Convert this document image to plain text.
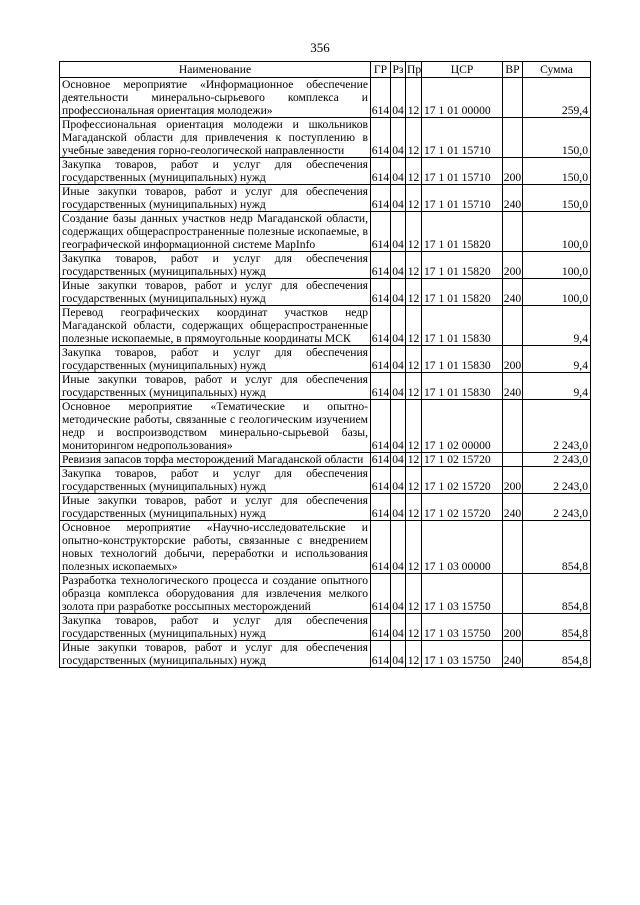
356
Наименование	ГР	Рз	Пр	ЦСР	ВР	Сумма
Основное мероприятие «Информационное обеспечение деятельности минерально-сырьевого комплекса и профессиональная ориентация молодежи»	614	04	12	17 1 01 00000		259,4
Профессиональная ориентация молодежи и школьников Магаданской области для привлечения к поступлению в учебные заведения горно-геологической направленности	614	04	12	17 1 01 15710		150,0
Закупка товаров, работ и услуг для обеспечения государственных (муниципальных) нужд	614	04	12	17 1 01 15710	200	150,0
Иные закупки товаров, работ и услуг для обеспечения государственных (муниципальных) нужд	614	04	12	17 1 01 15710	240	150,0
Создание базы данных участков недр Магаданской области, содержащих общераспространенные полезные ископаемые, в географической информационной системе MapInfo	614	04	12	17 1 01 15820		100,0
Закупка товаров, работ и услуг для обеспечения государственных (муниципальных) нужд	614	04	12	17 1 01 15820	200	100,0
Иные закупки товаров, работ и услуг для обеспечения государственных (муниципальных) нужд	614	04	12	17 1 01 15820	240	100,0
Перевод географических координат участков недр Магаданской области, содержащих общераспространенные полезные ископаемые, в прямоугольные координаты МСК	614	04	12	17 1 01 15830		9,4
Закупка товаров, работ и услуг для обеспечения государственных (муниципальных) нужд	614	04	12	17 1 01 15830	200	9,4
Иные закупки товаров, работ и услуг для обеспечения государственных (муниципальных) нужд	614	04	12	17 1 01 15830	240	9,4
Основное мероприятие «Тематические и опытно-методические работы, связанные с геологическим изучением недр и воспроизводством минерально-сырьевой базы, мониторингом недропользования»	614	04	12	17 1 02 00000		2 243,0
Ревизия запасов торфа месторождений Магаданской области	614	04	12	17 1 02 15720		2 243,0
Закупка товаров, работ и услуг для обеспечения государственных (муниципальных) нужд	614	04	12	17 1 02 15720	200	2 243,0
Иные закупки товаров, работ и услуг для обеспечения государственных (муниципальных) нужд	614	04	12	17 1 02 15720	240	2 243,0
Основное мероприятие «Научно-исследовательские и опытно-конструкторские работы, связанные с внедрением новых технологий добычи, переработки и использования полезных ископаемых»	614	04	12	17 1 03 00000		854,8
Разработка технологического процесса и создание опытного образца комплекса оборудования для извлечения мелкого золота при разработке россыпных месторождений	614	04	12	17 1 03 15750		854,8
Закупка товаров, работ и услуг для обеспечения государственных (муниципальных) нужд	614	04	12	17 1 03 15750	200	854,8
Иные закупки товаров, работ и услуг для обеспечения государственных (муниципальных) нужд	614	04	12	17 1 03 15750	240	854,8
